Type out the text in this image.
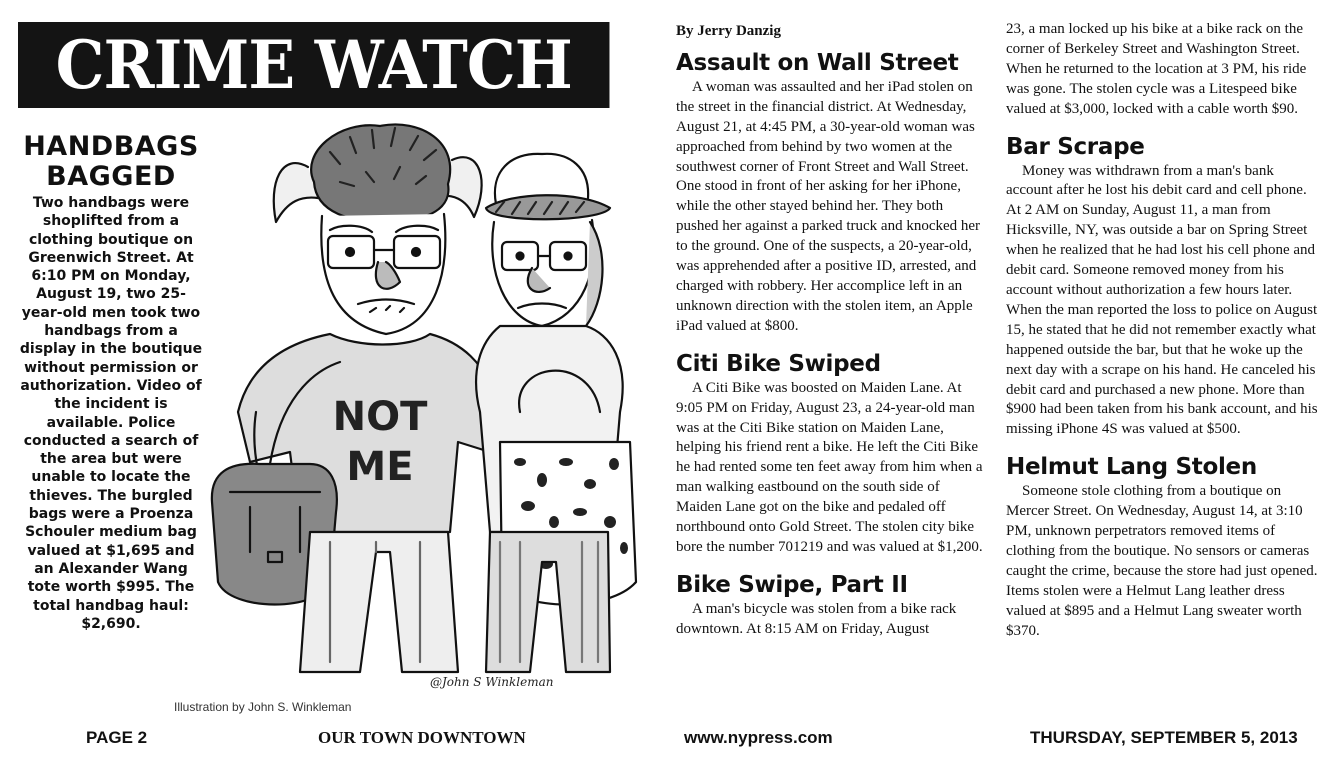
CRIME WATCH
HANDBAGS
BAGGED

Two handbags were shoplifted from a clothing boutique on Greenwich Street. At 6:10 PM on Monday, August 19, two 25-year-old men took two handbags from a display in the boutique without permission or authorization. Video of the incident is available. Police conducted a search of the area but were unable to locate the thieves. The burgled bags were a Proenza Schouler medium bag valued at $1,695 and an Alexander Wang tote worth $995. The total handbag haul: $2,690.

NOT
ME
@John S Winkleman
Illustration by John S. Winkleman
By Jerry Danzig
Assault on Wall Street

A woman was assaulted and her iPad stolen on the street in the financial district. At Wednesday, August 21, at 4:45 PM, a 30-year-old woman was approached from behind by two women at the southwest corner of Front Street and Wall Street. One stood in front of her asking for her iPhone, while the other stayed behind her. They both pushed her against a parked truck and knocked her to the ground. One of the suspects, a 20-year-old, was apprehended after a positive ID, arrested, and charged with robbery. Her accomplice left in an unknown direction with the stolen item, an Apple iPad valued at $800.

Citi Bike Swiped

A Citi Bike was boosted on Maiden Lane. At 9:05 PM on Friday, August 23, a 24-year-old man was at the Citi Bike station on Maiden Lane, helping his friend rent a bike. He left the Citi Bike he had rented some ten feet away from him when a man walking eastbound on the south side of Maiden Lane got on the bike and pedaled off northbound onto Gold Street. The stolen city bike bore the number 701219 and was valued at $1,200.

Bike Swipe, Part II

A man's bicycle was stolen from a bike rack downtown. At 8:15 AM on Friday, August

23, a man locked up his bike at a bike rack on the corner of Berkeley Street and Washington Street. When he returned to the location at 3 PM, his ride was gone. The stolen cycle was a Litespeed bike valued at $3,000, locked with a cable worth $90.

Bar Scrape

Money was withdrawn from a man's bank account after he lost his debit card and cell phone. At 2 AM on Sunday, August 11, a man from Hicksville, NY, was outside a bar on Spring Street when he realized that he had lost his cell phone and debit card. Someone removed money from his account without authorization a few hours later. When the man reported the loss to police on August 15, he stated that he did not remember exactly what happened outside the bar, but that he woke up the next day with a scrape on his hand. He canceled his debit card and purchased a new phone. More than $900 had been taken from his bank account, and his missing iPhone 4S was valued at $500.

Helmut Lang Stolen

Someone stole clothing from a boutique on Mercer Street. On Wednesday, August 14, at 3:10 PM, unknown perpetrators removed items of clothing from the boutique. No sensors or cameras caught the crime, because the store had just opened. Items stolen were a Helmut Lang leather dress valued at $895 and a Helmut Lang sweater worth $370.

PAGE 2	OUR TOWN DOWNTOWN	www.nypress.com	THURSDAY, SEPTEMBER 5, 2013
